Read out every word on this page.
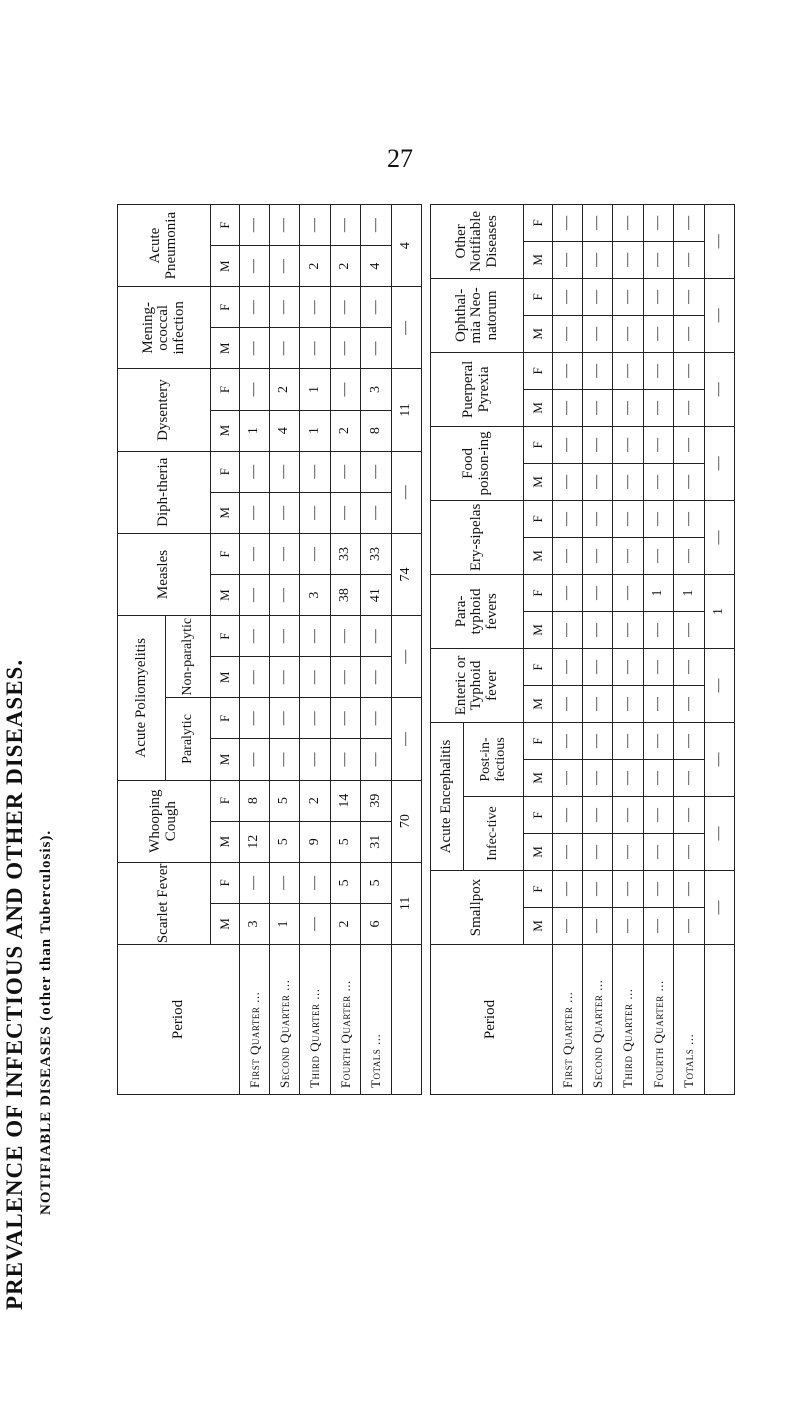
27
PREVALENCE OF INFECTIOUS AND OTHER DISEASES. NOTIFIABLE DISEASES (other than Tuberculosis).	Period	Scarlet Fever		Whooping Cough		Acute Poliomyelitis				Measles		Diph-theria		Dysentery		Mening-ococcal infection		Acute Pneumonia	
					Paralytic		Non-paralytic											
	M	F	M	F	M	F	M	F	M	F	M	F	M	F	M	F	M	F
First Quarter ...	3	—	12	8	—	—	—	—	—	—	—	—	1	—	—	—	—	—
Second Quarter ...	1	—	5	5	—	—	—	—	—	—	—	—	4	2	—	—	—	—
Third Quarter ...	—	—	9	2	—	—	—	—	3	—	—	—	1	1	—	—	2	—
Fourth Quarter ...	2	5	5	14	—	—	—	—	38	33	—	—	2	—	—	—	2	—
Totals ...	6	5	31	39	—	—	—	—	41	33	—	—	8	3	—	—	4	—
	11		70		—		—		74		—		11		—		4	
Period	Smallpox		Acute Encephalitis				Enteric or Typhoid fever		Para-typhoid fevers		Ery-sipelas		Food poison-ing		Puerperal Pyrexia		Ophthal-mia Neo-natorum		Other Notifiable Diseases	
			Infec-tive		Post-in-fectious															
	M	F	M	F	M	F	M	F	M	F	M	F	M	F	M	F	M	F	M	F
First Quarter ...	—	—	—	—	—	—	—	—	—	—	—	—	—	—	—	—	—	—	—	—
Second Quarter ...	—	—	—	—	—	—	—	—	—	—	—	—	—	—	—	—	—	—	—	—
Third Quarter ...	—	—	—	—	—	—	—	—	—	—	—	—	—	—	—	—	—	—	—	—
Fourth Quarter ...	—	—	—	—	—	—	—	—	—	1	—	—	—	—	—	—	—	—	—	—
Totals ...	—	—	—	—	—	—	—	—	—	1	—	—	—	—	—	—	—	—	—	—
	—		—		—		—		1		—		—		—		—		—	
